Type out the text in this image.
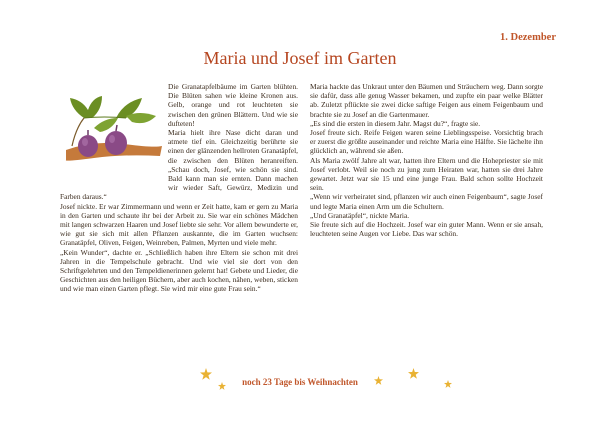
1. Dezember
Maria und Josef im Garten

Die Granatapfelbäume im Garten blühten. Die Blüten sahen wie kleine Kronen aus. Gelb, orange und rot leuchteten sie zwischen den grünen Blättern. Und wie sie dufteten!

Maria hielt ihre Nase dicht daran und atmete tief ein. Gleichzeitig berührte sie einen der glänzenden hellroten Granatäpfel, die zwischen den Blüten heranreiften. „Schau doch, Josef, wie schön sie sind. Bald kann man sie ernten. Dann machen wir wieder Saft, Gewürz, Medizin und Farben daraus.“

Josef nickte. Er war Zimmermann und wenn er Zeit hatte, kam er gern zu Maria in den Garten und schaute ihr bei der Arbeit zu. Sie war ein schönes Mädchen mit langen schwarzen Haaren und Josef liebte sie sehr. Vor allem bewunderte er, wie gut sie sich mit allen Pflanzen auskannte, die im Garten wuchsen: Granatäpfel, Oliven, Feigen, Weinreben, Palmen, Myrten und viele mehr.

„Kein Wunder“, dachte er. „Schließlich haben ihre Eltern sie schon mit drei Jahren in die Tempelschule gebracht. Und wie viel sie dort von den Schriftgelehrten und den Tempeldienerinnen gelernt hat! Gebete und Lieder, die Geschichten aus den heiligen Büchern, aber auch kochen, nähen, weben, sticken und wie man einen Garten pflegt. Sie wird mir eine gute Frau sein.“

Maria hackte das Unkraut unter den Bäumen und Sträuchern weg. Dann sorgte sie dafür, dass alle genug Wasser bekamen, und zupfte ein paar welke Blätter ab. Zuletzt pflückte sie zwei dicke saftige Feigen aus einem Feigenbaum und brachte sie zu Josef an die Gartenmauer.

„Es sind die ersten in diesem Jahr. Magst du?“, fragte sie.

Josef freute sich. Reife Feigen waren seine Lieblingsspeise. Vorsichtig brach er zuerst die größte auseinander und reichte Maria eine Hälfte. Sie lächelte ihn glücklich an, während sie aßen.

Als Maria zwölf Jahre alt war, hatten ihre Eltern und die Hohepriester sie mit Josef verlobt. Weil sie noch zu jung zum Heiraten war, hatten sie drei Jahre gewartet. Jetzt war sie 15 und eine junge Frau. Bald schon sollte Hochzeit sein.

„Wenn wir verheiratet sind, pflanzen wir auch einen Feigenbaum“, sagte Josef und legte Maria einen Arm um die Schultern.

„Und Granatäpfel“, nickte Maria.

Sie freute sich auf die Hochzeit. Josef war ein guter Mann. Wenn er sie ansah, leuchteten seine Augen vor Liebe. Das war schön.

noch 23 Tage bis Weihnachten
